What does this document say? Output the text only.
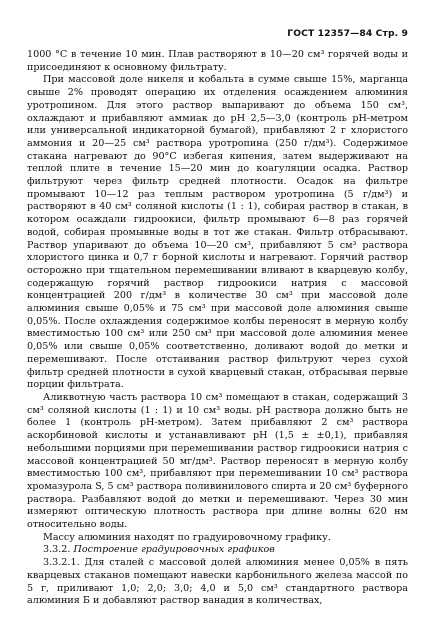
ГОСТ 12357—84 Стр. 9

1000 °С в течение 10 мин. Плав растворяют в 10—20 см³ горячей воды и присоединяют к основному фильтрату.

При массовой доле никеля и кобальта в сумме свыше 15%, марганца свыше 2% проводят операцию их отделения осаждением алюминия уротропином. Для этого раствор выпаривают до объема 150 см³, охлаждают и прибавляют аммиак до рН 2,5—3,0 (контроль рН-метром или универсальной индикаторной бумагой), прибавляют 2 г хлористого аммония и 20—25 см³ раствора уротропина (250 г/дм³). Содержимое стакана нагревают до 90°С избегая кипения, затем выдерживают на теплой плите в течение 15—20 мин до коагуляции осадка. Раствор фильтруют через фильтр средней плотности. Осадок на фильтре промывают 10—12 раз теплым раствором уротропина (5 г/дм³) и растворяют в 40 см³ соляной кислоты (1 : 1), собирая раствор в стакан, в котором осаждали гидроокиси, фильтр промывают 6—8 раз горячей водой, собирая промывные воды в тот же стакан. Фильтр отбрасывают. Раствор упаривают до объема 10—20 см³, прибавляют 5 см³ раствора хлористого цинка и 0,7 г борной кислоты и нагревают. Горячий раствор осторожно при тщательном перемешивании вливают в кварцевую колбу, содержащую горячий раствор гидроокиси натрия с массовой концентрацией 200 г/дм³ в количестве 30 см³ при массовой доле алюминия свыше 0,05% и 75 см³ при массовой доле алюминия свыше 0,05%. После охлаждения содержимое колбы переносят в мерную колбу вместимостью 100 см³ или 250 см³ при массовой доле алюминия менее 0,05% или свыше 0,05% соответственно, доливают водой до метки и перемешивают. После отстаивания раствор фильтруют через сухой фильтр средней плотности в сухой кварцевый стакан, отбрасывая первые порции фильтрата.

Аликвотную часть раствора 10 см³ помещают в стакан, содержащий 3 см³ соляной кислоты (1 : 1) и 10 см³ воды. рН раствора должно быть не более 1 (контроль рН-метром). Затем прибавляют 2 см³ раствора аскорбиновой кислоты и устанавливают рН (1,5 ± ±0,1), прибавляя небольшими порциями при перемешивании раствор гидроокиси натрия с массовой концентрацией 50 мг/дм³. Раствор переносят в мерную колбу вместимостью 100 см³, прибавляют при перемешивании 10 см³ раствора хромазурола S, 5 см³ раствора поливинилового спирта и 20 см³ буферного раствора. Разбавляют водой до метки и перемешивают. Через 30 мин измеряют оптическую плотность раствора при длине волны 620 нм относительно воды.

Массу алюминия находят по градуировочному графику.

3.3.2. Построение градуировочных графиков

3.3.2.1. Для сталей с массовой долей алюминия менее 0,05% в пять кварцевых стаканов помещают навески карбонильного железа массой по 5 г, приливают 1,0; 2,0; 3,0; 4,0 и 5,0 см³ стандартного раствора алюминия Б и добавляют раствор ванадия в количествах,
